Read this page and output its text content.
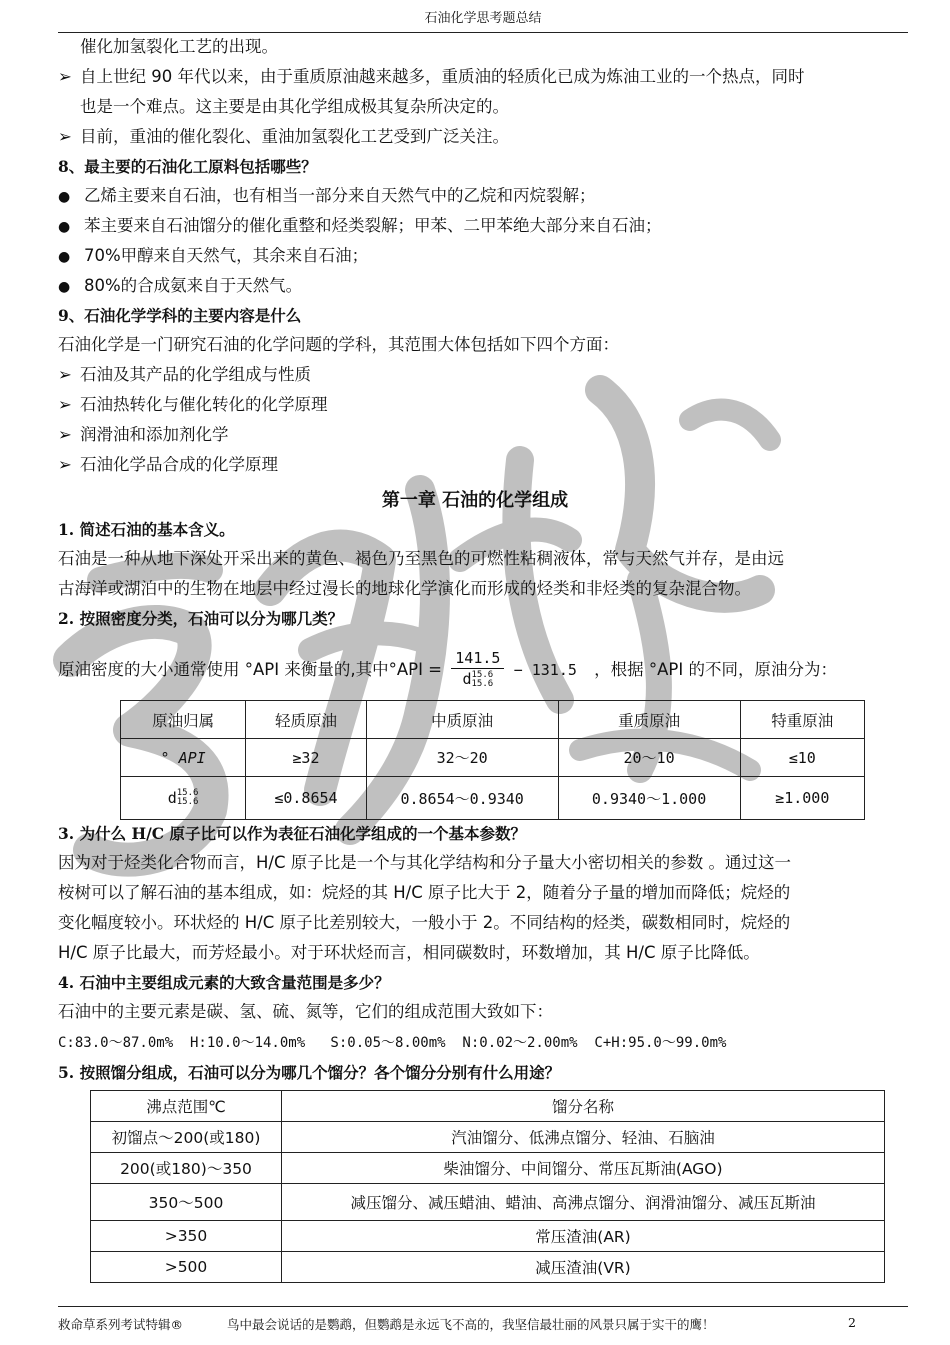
石油化学思考题总结
催化加氢裂化工艺的出现。
➢ 自上世纪 90 年代以来，由于重质原油越来越多，重质油的轻质化已成为炼油工业的一个热点，同时
也是一个难点。这主要是由其化学组成极其复杂所决定的。
➢ 目前，重油的催化裂化、重油加氢裂化工艺受到广泛关注。
8、最主要的石油化工原料包括哪些？
● 乙烯主要来自石油，也有相当一部分来自天然气中的乙烷和丙烷裂解；
● 苯主要来自石油馏分的催化重整和烃类裂解；甲苯、二甲苯绝大部分来自石油；
● 70%甲醇来自天然气，其余来自石油；
● 80%的合成氨来自于天然气。
9、石油化学学科的主要内容是什么
石油化学是一门研究石油的化学问题的学科，其范围大体包括如下四个方面：
➢ 石油及其产品的化学组成与性质
➢ 石油热转化与催化转化的化学原理
➢ 润滑油和添加剂化学
➢ 石油化学品合成的化学原理
第一章 石油的化学组成
1. 简述石油的基本含义。
石油是一种从地下深处开采出来的黄色、褐色乃至黑色的可燃性粘稠液体，常与天然气并存，是由远
古海洋或湖泊中的生物在地层中经过漫长的地球化学演化而形成的烃类和非烃类的复杂混合物。
2. 按照密度分类，石油可以分为哪几类？
原油密度的大小通常使用 °API 来衡量的,其中°API = 141.5
d 15.6
15.6 − 131.5 ，根据 °API 的不同，原油分为：
原油归属	轻质原油	中质原油	重质原油	特重原油
° API	≥32	32～20	20～10	≤10
d 15.6
15.6	≤0.8654	0.8654～0.9340	0.9340～1.000	≥1.000
3. 为什么 H/C 原子比可以作为表征石油化学组成的一个基本参数？
因为对于烃类化合物而言，H/C 原子比是一个与其化学结构和分子量大小密切相关的参数 。通过这一
桉树可以了解石油的基本组成，如：烷烃的其 H/C 原子比大于 2，随着分子量的增加而降低；烷烃的
变化幅度较小。环状烃的 H/C 原子比差别较大，一般小于 2。不同结构的烃类，碳数相同时，烷烃的
H/C 原子比最大，而芳烃最小。对于环状烃而言，相同碳数时，环数增加，其 H/C 原子比降低。
4. 石油中主要组成元素的大致含量范围是多少？
石油中的主要元素是碳、氢、硫、氮等，它们的组成范围大致如下：
C:83.0～87.0m%  H:10.0～14.0m%   S:0.05～8.00m%  N:0.02～2.00m%  C+H:95.0～99.0m%
5. 按照馏分组成，石油可以分为哪几个馏分？各个馏分分别有什么用途？
沸点范围℃	馏分名称
初馏点～200(或180)	汽油馏分、低沸点馏分、轻油、石脑油
200(或180)～350	柴油馏分、中间馏分、常压瓦斯油(AGO)
350～500	减压馏分、减压蜡油、蜡油、高沸点馏分、润滑油馏分、减压瓦斯油
>350	常压渣油(AR)
>500	减压渣油(VR)
救命草系列考试特辑®	鸟中最会说话的是鹦鹉，但鹦鹉是永远飞不高的，我坚信最壮丽的风景只属于实干的鹰！	2
